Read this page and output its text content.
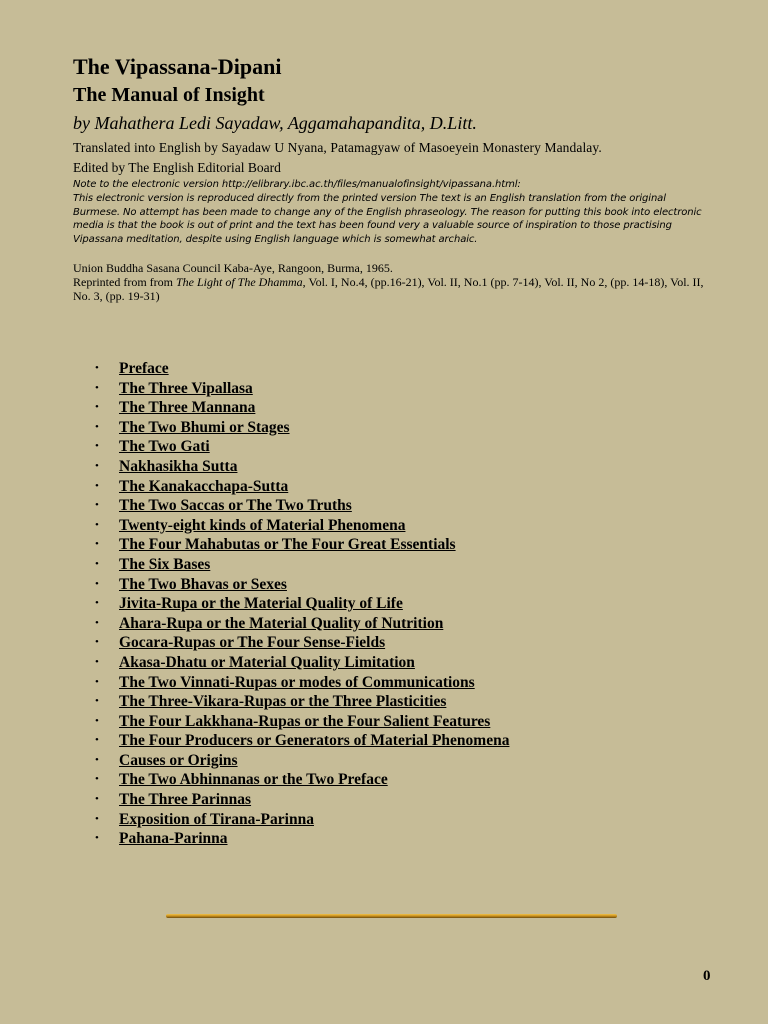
The Vipassana-Dipani
The Manual of Insight

by Mahathera Ledi Sayadaw, Aggamahapandita, D.Litt.

Translated into English by Sayadaw U Nyana, Patamagyaw of Masoeyein Monastery Mandalay.

Edited by The English Editorial Board

Note to the electronic version http://elibrary.ibc.ac.th/files/manualofinsight/vipassana.html:

This electronic version is reproduced directly from the printed version The text is an English translation from the original Burmese. No attempt has been made to change any of the English phraseology. The reason for putting this book into electronic media is that the book is out of print and the text has been found very a valuable source of inspiration to those practising Vipassana meditation, despite using English language which is somewhat archaic.

Union Buddha Sasana Council Kaba-Aye, Rangoon, Burma, 1965.

Reprinted from from The Light of The Dhamma, Vol. I, No.4, (pp.16-21), Vol. II, No.1 (pp. 7-14), Vol. II, No 2, (pp. 14-18), Vol. II, No. 3, (pp. 19-31)

• Preface
• The Three Vipallasa
• The Three Mannana
• The Two Bhumi or Stages
• The Two Gati
• Nakhasikha Sutta
• The Kanakacchapa-Sutta
• The Two Saccas or The Two Truths
• Twenty-eight kinds of Material Phenomena
• The Four Mahabutas or The Four Great Essentials
• The Six Bases
• The Two Bhavas or Sexes
• Jivita-Rupa or the Material Quality of Life
• Ahara-Rupa or the Material Quality of Nutrition
• Gocara-Rupas or The Four Sense-Fields
• Akasa-Dhatu or Material Quality Limitation
• The Two Vinnati-Rupas or modes of Communications
• The Three-Vikara-Rupas or the Three Plasticities
• The Four Lakkhana-Rupas or the Four Salient Features
• The Four Producers or Generators of Material Phenomena
• Causes or Origins
• The Two Abhinnanas or the Two Preface
• The Three Parinnas
• Exposition of Tirana-Parinna
• Pahana-Parinna
0
